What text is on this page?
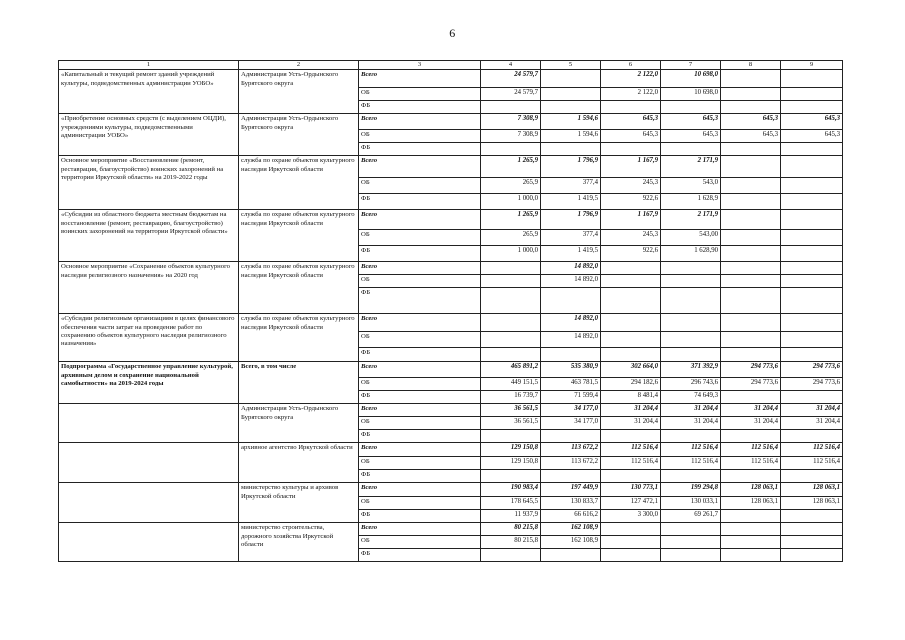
6
1	2	3	4	5	6	7	8	9
«Капитальный и текущий ремонт зданий учреждений культуры, подведомственных администрации УОБО»	Администрация Усть-Ордынского Бурятского округа	Всего	24 579,7		2 122,0	10 698,0		
		ОБ	24 579,7		2 122,0	10 698,0		
		ФБ						
«Приобретение основных средств (с выделением ОЦДИ), учреждениями культуры, подведомственными администрации УОБО»	Администрация Усть-Ордынского Бурятского округа	Всего	7 308,9	1 594,6	645,3	645,3	645,3	645,3
		ОБ	7 308,9	1 594,6	645,3	645,3	645,3	645,3
		ФБ						
Основное мероприятие «Восстановление (ремонт, реставрация, благоустройство) воинских захоронений на территории Иркутской области» на 2019-2022 годы	служба по охране объектов культурного наследия Иркутской области	Всего	1 265,9	1 796,9	1 167,9	2 171,9		
		ОБ	265,9	377,4	245,3	543,0		
		ФБ	1 000,0	1 419,5	922,6	1 628,9		
«Субсидии из областного бюджета местным бюджетам на восстановление (ремонт, реставрацию, благоустройство) воинских захоронений на территории Иркутской области»	служба по охране объектов культурного наследия Иркутской области	Всего	1 265,9	1 796,9	1 167,9	2 171,9		
		ОБ	265,9	377,4	245,3	543,00		
		ФБ	1 000,0	1 419,5	922,6	1 628,90		
Основное мероприятие «Сохранение объектов культурного наследия религиозного назначения» на 2020 год	служба по охране объектов культурного наследия Иркутской области	Всего		14 892,0				
		ОБ		14 892,0				
		ФБ						
«Субсидии религиозным организациям в целях финансового обеспечения части затрат на проведение работ по сохранению объектов культурного наследия религиозного назначения»	служба по охране объектов культурного наследия Иркутской области	Всего		14 892,0				
		ОБ		14 892,0				
		ФБ						
Подпрограмма «Государственное управление культурой, архивным делом и сохранение национальной самобытности» на 2019-2024 годы	Всего, в том числе	Всего	465 891,2	535 380,9	302 664,0	371 392,9	294 773,6	294 773,6
		ОБ	449 151,5	463 781,5	294 182,6	296 743,6	294 773,6	294 773,6
		ФБ	16 739,7	71 599,4	8 481,4	74 649,3		
	Администрация Усть-Ордынского Бурятского округа	Всего	36 561,5	34 177,0	31 204,4	31 204,4	31 204,4	31 204,4
		ОБ	36 561,5	34 177,0	31 204,4	31 204,4	31 204,4	31 204,4
		ФБ						
	архивное агентство Иркутской области	Всего	129 150,8	113 672,2	112 516,4	112 516,4	112 516,4	112 516,4
		ОБ	129 150,8	113 672,2	112 516,4	112 516,4	112 516,4	112 516,4
		ФБ						
	министерство культуры и архивов Иркутской области	Всего	190 983,4	197 449,9	130 773,1	199 294,8	128 063,1	128 063,1
		ОБ	178 645,5	130 833,7	127 472,1	130 033,1	128 063,1	128 063,1
		ФБ	11 937,9	66 616,2	3 300,0	69 261,7		
	министерство строительства, дорожного хозяйства Иркутской области	Всего	80 215,8	162 108,9				
		ОБ	80 215,8	162 108,9				
		ФБ						
